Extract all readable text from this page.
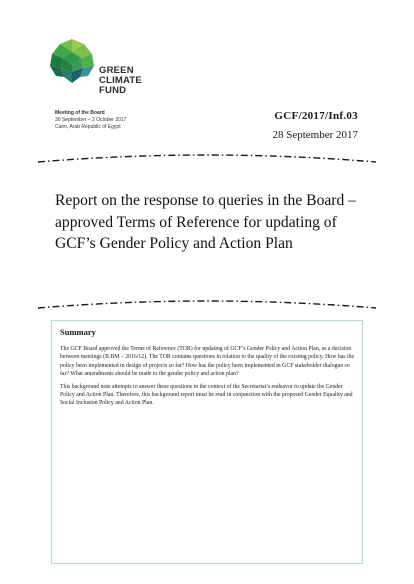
GREEN
CLIMATE
FUND
Meeting of the Board
30 September – 2 October 2017
Cairo, Arab Republic of Egypt
GCF/2017/Inf.03
28 September 2017
Report on the response to queries in the Board – approved Terms of Reference for updating of GCF’s Gender Policy and Action Plan
Summary

The GCF Board approved the Terms of Reference (TOR) for updating of GCF’s Gender Policy and Action Plan, as a decision between meetings (B.BM – 2016/12). The TOR contains questions in relation to the quality of the existing policy. How has the policy been implemented in design of projects so far? How has the policy been implemented in GCF stakeholder dialogue so far? What amendments should be made to the gender policy and action plan?

This background note attempts to answer these questions in the context of the Secretariat’s endeavor to update the Gender Policy and Action Plan. Therefore, this background report must be read in conjunction with the proposed Gender Equality and Social Inclusion Policy and Action Plan.
